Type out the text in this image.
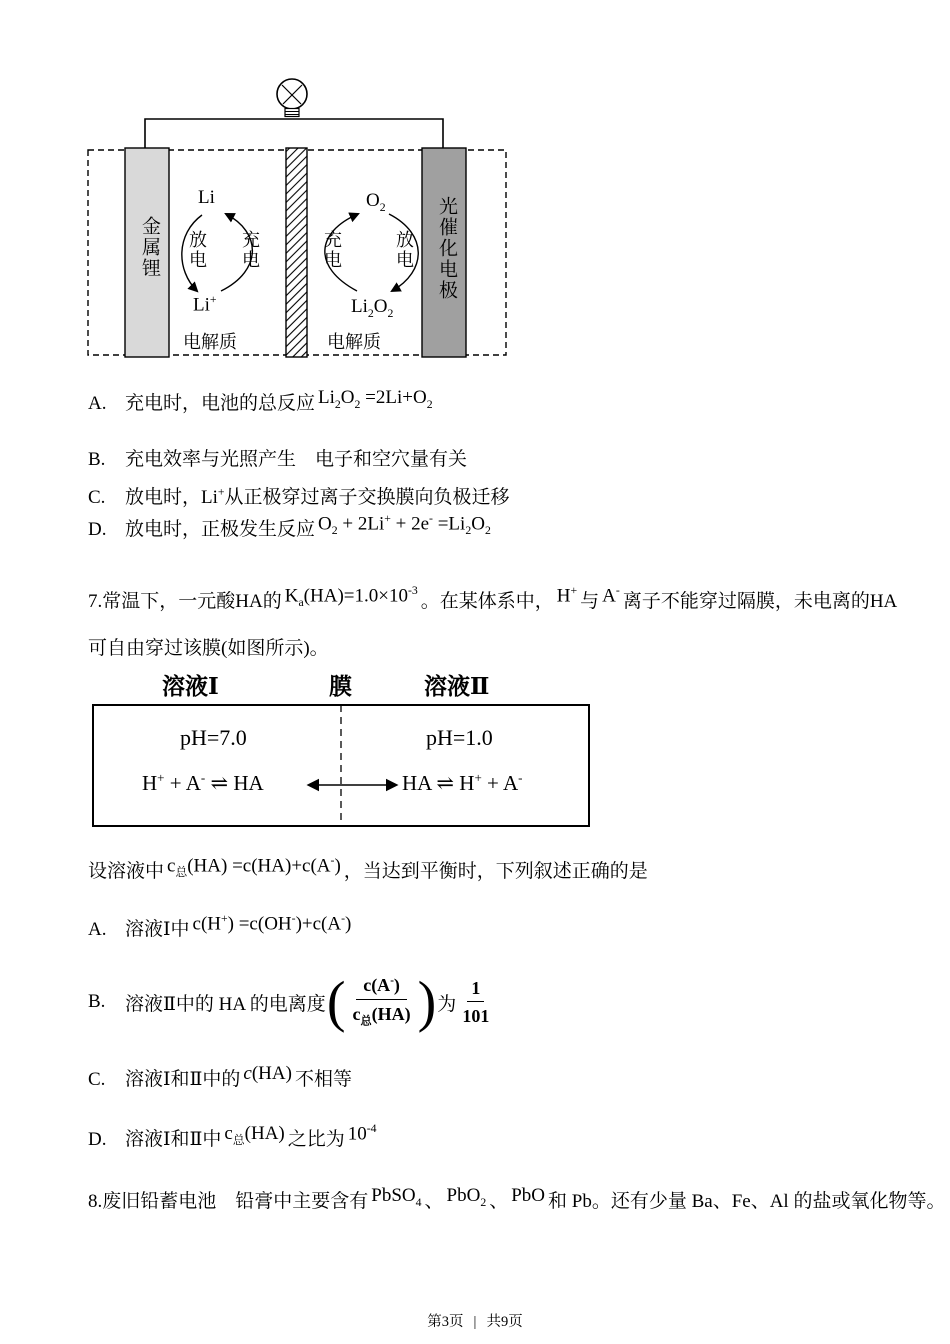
金属锂	光催化电极
Li
Li+
放电 充电
$O_2$
$Li_2O_2$
充电	放电
电解质	电解质
A. 充电时，电池的总反应 $Li_2O_2 =2Li+O_2$
B. 充电效率与光照产生　电子和空穴量有关
C. 放电时，Li+从正极穿过离子交换膜向负极迁移
D. 放电时，正极发生反应 $O_2 + 2Li^+ + 2e^- =Li_2O_2$
7.常温下，一元酸HA的 $K_a(HA)=1.0\times 10^{-3}$。在某体系中， H+与 A-离子不能穿过隔膜，未电离的HA
可自由穿过该膜(如图所示)。
溶液Ⅰ	膜	溶液Ⅱ
pH=7.0	pH=1.0
H+ + A- ⇌ HA	HA ⇌ H+ + A-
设溶液中 $c_总(HA) =c(HA)+c(A^-)$ ，当达到平衡时，下列叙述正确的是
A. 溶液Ⅰ中 c(H+) =c(OH-)+c(A-)
B.	溶液Ⅱ中的 HA 的电离度 ( $\frac{c(A^-)}{c_总(HA)}$ ) 为 $\frac{1}{101}$
C. 溶液Ⅰ和Ⅱ中的 c(HA) 不相等
D. 溶液Ⅰ和Ⅱ中 $c_总(HA)$ 之比为 $10^{-4}$
8.废旧铅蓄电池　铅膏中主要含有 PbSO$_4$ 、 PbO$_2$ 、 PbO 和 Pb。还有少量 Ba、Fe、Al 的盐或氧化物等。
第3页 | 共9页
